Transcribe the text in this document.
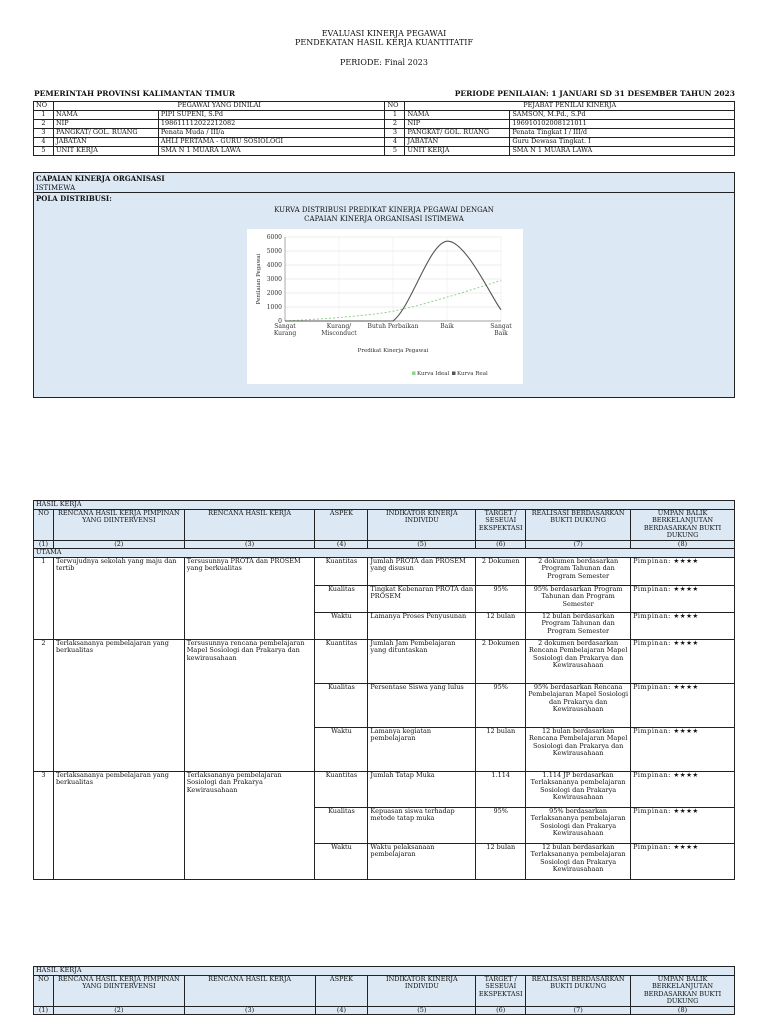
EVALUASI KINERJA PEGAWAI
PENDEKATAN HASIL KERJA KUANTITATIF
PERIODE: Final 2023
PEMERINTAH PROVINSI KALIMANTAN TIMUR	PERIODE PENILAIAN: 1 JANUARI SD 31 DESEMBER TAHUN 2023
NO	PEGAWAI YANG DINILAI		NO	PEJABAT PENILAI KINERJA	
1	NAMA	PIPI SUPENI, S.Pd	1	NAMA	SAMSON, M.Pd., S.Pd
2	NIP	198611112022212082	2	NIP	196910102008121011
3	PANGKAT/ GOL. RUANG	Penata Muda / III/a	3	PANGKAT/ GOL. RUANG	Penata Tingkat I / III/d
4	JABATAN	AHLI PERTAMA - GURU SOSIOLOGI	4	JABATAN	Guru Dewasa Tingkat. I
5	UNIT KERJA	SMA N 1 MUARA LAWA	5	UNIT KERJA	SMA N 1 MUARA LAWA
CAPAIAN KINERJA ORGANISASI
ISTIMEWA
POLA DISTRIBUSI:
KURVA DISTRIBUSI PREDIKAT KINERJA PEGAWAI DENGAN
CAPAIAN KINERJA ORGANISASI ISTIMEWA
0
1000
2000
3000
4000
5000
6000
Sangat
Kurang
Kurang/
Misconduct
Butuh Perbaikan	Baik	Sangat
Baik
Predikat Kinerja Pegawai
Penilaian Pegawai
Kurva Ideal Kurva Real
HASIL KERJA							
NO	RENCANA HASIL KERJA PIMPINAN YANG DIINTERVENSI	RENCANA HASIL KERJA	ASPEK	INDIKATOR KINERJA INDIVIDU	TARGET / SESEUAI EKSPEKTASI	REALISASI BERDASARKAN BUKTI DUKUNG	UMPAN BALIK BERKELANJUTAN BERDASARKAN BUKTI DUKUNG
(1)	(2)	(3)	(4)	(5)	(6)	(7)	(8)
UTAMA							
1	Terwujudnya sekolah yang maju dan tertib	Tersusunnya PROTA dan PROSEM yang berkualitas	Kuantitas	Jumlah PROTA dan PROSEM yang disusun	2 Dokumen	2 dokumen berdasarkan Program Tahunan dan Program Semester	Pimpinan: ★★★★
			Kualitas	Tingkat Kebenaran PROTA dan PROSEM	95%	95% berdasarkan Program Tahunan dan Program Semester	Pimpinan: ★★★★
			Waktu	Lamanya Proses Penyusunan	12 bulan	12 bulan berdasarkan Program Tahunan dan Program Semester	Pimpinan: ★★★★
2	Terlaksananya pembelajaran yang berkualitas	Tersusunnya rencana pembelajaran Mapel Sosiologi dan Prakarya dan kewirausahaan	Kuantitas	Jumlah Jam Pembelajaran yang dituntaskan	2 Dokumen	2 dokumen berdasarkan Rencana Pembelajaran Mapel Sosiologi dan Prakarya dan Kewirausahaan	Pimpinan: ★★★★
			Kualitas	Persentase Siswa yang lulus	95%	95% berdasarkan Rencana Pembelajaran Mapel Sosiologi dan Prakarya dan Kewirausahaan	Pimpinan: ★★★★
			Waktu	Lamanya kegiatan pembelajaran	12 bulan	12 bulan berdasarkan Rencana Pembelajaran Mapel Sosiologi dan Prakarya dan Kewirausahaan	Pimpinan: ★★★★
3	Terlaksananya pembelajaran yang berkualitas	Terlaksananya pembelajaran Sosiologi dan Prakarya Kewirausahaan	Kuantitas	Jumlah Tatap Muka	1.114	1.114 JP berdasarkan Terlaksananya pembelajaran Sosiologi dan Prakarya Kewirausahaan	Pimpinan: ★★★★
			Kualitas	Kepuasan siswa terhadap metode tatap muka	95%	95% berdasarkan Terlaksananya pembelajaran Sosiologi dan Prakarya Kewirausahaan	Pimpinan: ★★★★
			Waktu	Waktu pelaksanaan pembelajaran	12 bulan	12 bulan berdasarkan Terlaksananya pembelajaran Sosiologi dan Prakarya Kewirausahaan	Pimpinan: ★★★★
HASIL KERJA							
NO	RENCANA HASIL KERJA PIMPINAN YANG DIINTERVENSI	RENCANA HASIL KERJA	ASPEK	INDIKATOR KINERJA INDIVIDU	TARGET / SESEUAI EKSPEKTASI	REALISASI BERDASARKAN BUKTI DUKUNG	UMPAN BALIK BERKELANJUTAN BERDASARKAN BUKTI DUKUNG
(1)	(2)	(3)	(4)	(5)	(6)	(7)	(8)
